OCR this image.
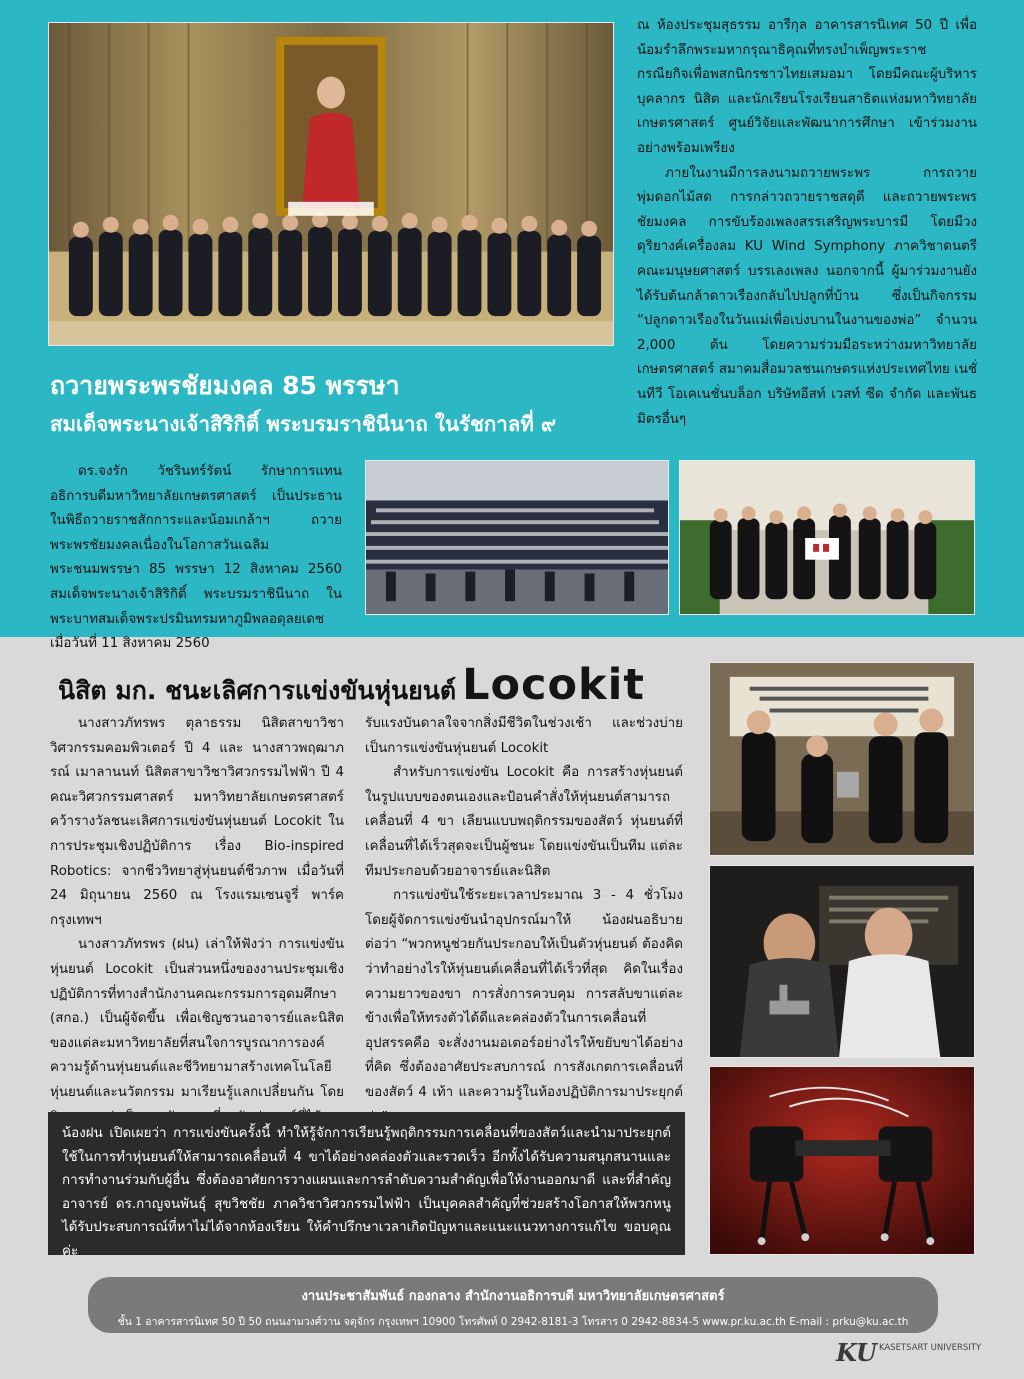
ณ ห้องประชุมสุธรรม อารีกุล อาคารสารนิเทศ 50 ปี เพื่อน้อมรำลึกพระมหากรุณาธิคุณที่ทรงบำเพ็ญพระราชกรณียกิจเพื่อพสกนิกรชาวไทยเสมอมา โดยมีคณะผู้บริหาร บุคลากร นิสิต และนักเรียนโรงเรียนสาธิตแห่งมหาวิทยาลัยเกษตรศาสตร์ ศูนย์วิจัยและพัฒนาการศึกษา เข้าร่วมงานอย่างพร้อมเพรียง

ภายในงานมีการลงนามถวายพระพร การถวายพุ่มดอกไม้สด การกล่าวถวายราชสดุดี และถวายพระพรชัยมงคล การขับร้องเพลงสรรเสริญพระบารมี โดยมีวงดุริยางค์เครื่องลม KU Wind Symphony ภาควิชาดนตรี คณะมนุษยศาสตร์ บรรเลงเพลง นอกจากนี้ ผู้มาร่วมงานยังได้รับต้นกล้าดาวเรืองกลับไปปลูกที่บ้าน ซึ่งเป็นกิจกรรม “ปลูกดาวเรืองในวันแม่เพื่อเบ่งบานในงานของพ่อ” จำนวน 2,000 ต้น โดยความร่วมมือระหว่างมหาวิทยาลัยเกษตรศาสตร์ สมาคมสื่อมวลชนเกษตรแห่งประเทศไทย เนชั่นทีวี โอเคเนชั่นบล็อก บริษัทอีสท์ เวสท์ ซีด จำกัด และพันธมิตรอื่นๆ

ถวายพระพรชัยมงคล 85 พรรษา
สมเด็จพระนางเจ้าสิริกิติ์ พระบรมราชินีนาถ ในรัชกาลที่ ๙

ดร.จงรัก วัชรินทร์รัตน์ รักษาการแทนอธิการบดีมหาวิทยาลัยเกษตรศาสตร์ เป็นประธานในพิธีถวายราชสักการะและน้อมเกล้าฯ ถวายพระพรชัยมงคลเนื่องในโอกาสวันเฉลิมพระชนมพรรษา 85 พรรษา 12 สิงหาคม 2560 สมเด็จพระนางเจ้าสิริกิติ์ พระบรมราชินีนาถ ในพระบาทสมเด็จพระปรมินทรมหาภูมิพลอดุลยเดช เมื่อวันที่ 11 สิงหาคม 2560

นิสิต มก. ชนะเลิศการแข่งขันหุ่นยนต์ Locokit

นางสาวภัทรพร ตุลาธรรม นิสิตสาขาวิชาวิศวกรรมคอมพิวเตอร์ ปี 4 และ นางสาวพฤฒาภรณ์ เมาลานนท์ นิสิตสาขาวิชาวิศวกรรมไฟฟ้า ปี 4 คณะวิศวกรรมศาสตร์ มหาวิทยาลัยเกษตรศาสตร์ คว้ารางวัลชนะเลิศการแข่งขันหุ่นยนต์ Locokit ในการประชุมเชิงปฏิบัติการ เรื่อง Bio-inspired Robotics: จากชีววิทยาสู่หุ่นยนต์ชีวภาพ เมื่อวันที่ 24 มิถุนายน 2560 ณ โรงแรมเซนจูรี่ พาร์ค กรุงเทพฯ

นางสาวภัทรพร (ฝน) เล่าให้ฟังว่า การแข่งขันหุ่นยนต์ Locokit เป็นส่วนหนึ่งของงานประชุมเชิงปฏิบัติการที่ทางสำนักงานคณะกรรมการอุดมศึกษา (สกอ.) เป็นผู้จัดขึ้น เพื่อเชิญชวนอาจารย์และนิสิตของแต่ละมหาวิทยาลัยที่สนใจการบูรณาการองค์ความรู้ด้านหุ่นยนต์และชีวิทยามาสร้างเทคโนโลยีหุ่นยนต์และนวัตกรรม มาเรียนรู้แลกเปลี่ยนกัน โดย

รับแรงบันดาลใจจากสิ่งมีชีวิตในช่วงเช้า และช่วงบ่ายเป็นการแข่งขันหุ่นยนต์ Locokit

สำหรับการแข่งขัน Locokit คือ การสร้างหุ่นยนต์ในรูปแบบของตนเองและป้อนคำสั่งให้หุ่นยนต์สามารถเคลื่อนที่ 4 ขา เลียนแบบพฤติกรรมของสัตว์ หุ่นยนต์ที่เคลื่อนที่ได้เร็วสุดจะเป็นผู้ชนะ โดยแข่งขันเป็นทีม แต่ละทีมประกอบด้วยอาจารย์และนิสิต

การแข่งขันใช้ระยะเวลาประมาณ 3 - 4 ชั่วโมง โดยผู้จัดการแข่งขันนำอุปกรณ์มาให้ น้องฝนอธิบายต่อว่า “พวกหนูช่วยกันประกอบให้เป็นตัวหุ่นยนต์ ต้องคิดว่าทำอย่างไรให้หุ่นยนต์เคลื่อนที่ได้เร็วที่สุด คิดในเรื่องความยาวของขา การสั่งการควบคุม การสลับขาแต่ละข้างเพื่อให้ทรงตัวได้ดีและคล่องตัวในการเคลื่อนที่ อุปสรรคคือ จะสั่งงานมอเตอร์อย่างไรให้ขยับขาได้อย่างที่คิด ซึ่งต้องอาศัยประสบการณ์ การสังเกตการเคลื่อนที่ของสัตว์ 4 เท้า และความรู้ในห้องปฏิบัติการมาประยุกต์

น้องฝน เปิดเผยว่า การแข่งขันครั้งนี้ ทำให้รู้จักการเรียนรู้พฤติกรรมการเคลื่อนที่ของสัตว์และนำมาประยุกต์ใช้ในการทำหุ่นยนต์ให้สามารถเคลื่อนที่ 4 ขาได้อย่างคล่องตัวและรวดเร็ว อีกทั้งได้รับความสนุกสนานและการทำงานร่วมกับผู้อื่น ซึ่งต้องอาศัยการวางแผนและการลำดับความสำคัญเพื่อให้งานออกมาดี และที่สำคัญ อาจารย์ ดร.กาญจนพันธุ์ สุขวิชชัย ภาควิชาวิศวกรรมไฟฟ้า เป็นบุคคลสำคัญที่ช่วยสร้างโอกาสให้พวกหนูได้รับประสบการณ์ที่หาไม่ได้จากห้องเรียน ให้คำปรึกษาเวลาเกิดปัญหาและแนะแนวทางการแก้ไข ขอบคุณค่ะ

งานประชาสัมพันธ์ กองกลาง สำนักงานอธิการบดี มหาวิทยาลัยเกษตรศาสตร์
ชั้น 1 อาคารสารนิเทศ 50 ปี 50 ถนนงามวงศ์วาน จตุจักร กรุงเทพฯ 10900 โทรศัพท์ 0 2942-8181-3 โทรสาร 0 2942-8834-5 www.pr.ku.ac.th E-mail : prku@ku.ac.th
KU $^{KASETSART UNIVERSITY}$
